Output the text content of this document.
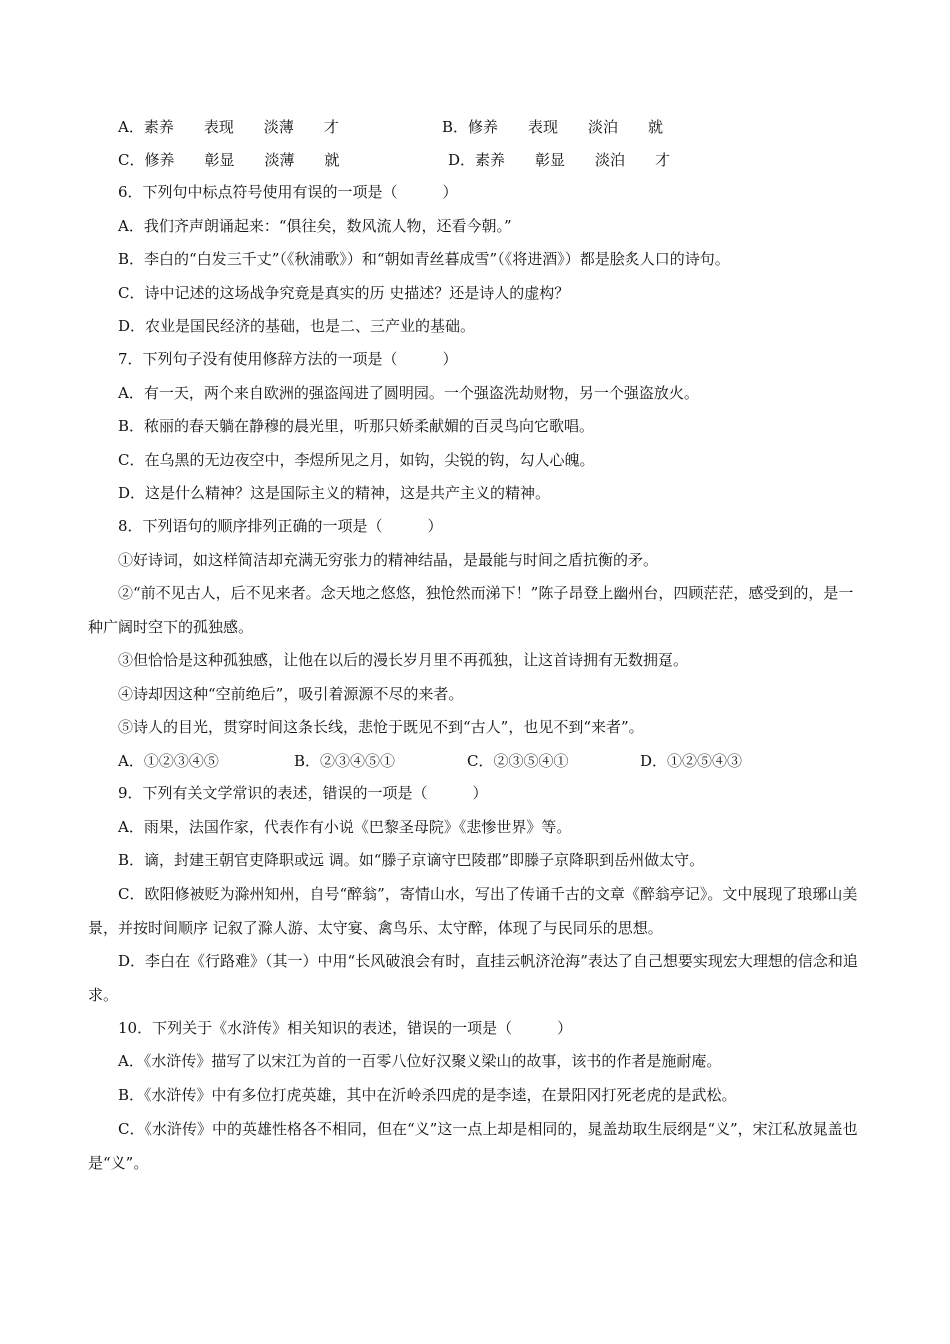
A．素养　　表现　　淡薄　　才	B．修养　　表现　　淡泊　　就
C．修养　　彰显　　淡薄　　就	D．素养　　彰显　　淡泊　　才
6．下列句中标点符号使用有误的一项是（　　　）
A．我们齐声朗诵起来：“俱往矣，数风流人物，还看今朝。”
B．李白的“白发三千丈”（《秋浦歌》）和“朝如青丝暮成雪”（《将进酒》）都是脍炙人口的诗句。
C．诗中记述的这场战争究竟是真实的历 史描述？还是诗人的虚构？
D．农业是国民经济的基础，也是二、三产业的基础。
7．下列句子没有使用修辞方法的一项是（　　　）
A．有一天，两个来自欧洲的强盗闯进了圆明园。一个强盗洗劫财物，另一个强盗放火。
B．秾丽的春天躺在静穆的晨光里，听那只娇柔献媚的百灵鸟向它歌唱。
C．在乌黑的无边夜空中，李煜所见之月，如钩，尖锐的钩，勾人心魄。
D．这是什么精神？这是国际主义的精神，这是共产主义的精神。
8．下列语句的顺序排列正确的一项是（　　　）
①好诗词，如这样简洁却充满无穷张力的精神结晶，是最能与时间之盾抗衡的矛。
②“前不见古人，后不见来者。念天地之悠悠，独怆然而涕下！”陈子昂登上幽州台，四顾茫茫，感受到的，是一种广阔时空下的孤独感。
③但恰恰是这种孤独感，让他在以后的漫长岁月里不再孤独，让这首诗拥有无数拥趸。
④诗却因这种“空前绝后”，吸引着源源不尽的来者。
⑤诗人的目光，贯穿时间这条长线，悲怆于既见不到“古人”，也见不到“来者”。
A．①②③④⑤	B．②③④⑤①	C．②③⑤④①	D．①②⑤④③
9．下列有关文学常识的表述，错误的一项是（　　　）
A．雨果，法国作家，代表作有小说《巴黎圣母院》《悲惨世界》等。
B．谪，封建王朝官吏降职或远 调。如“滕子京谪守巴陵郡”即滕子京降职到岳州做太守。
C．欧阳修被贬为滁州知州，自号“醉翁”，寄情山水，写出了传诵千古的文章《醉翁亭记》。文中展现了琅琊山美景，并按时间顺序 记叙了滁人游、太守宴、禽鸟乐、太守醉，体现了与民同乐的思想。
D．李白在《行路难》（其一）中用“长风破浪会有时，直挂云帆济沧海”表达了自己想要实现宏大理想的信念和追求。
10．下列关于《水浒传》相关知识的表述，错误的一项是（　　　）
A．《水浒传》描写了以宋江为首的一百零八位好汉聚义梁山的故事，该书的作者是施耐庵。
B．《水浒传》中有多位打虎英雄，其中在沂岭杀四虎的是李逵，在景阳冈打死老虎的是武松。
C．《水浒传》中的英雄性格各不相同，但在“义”这一点上却是相同的，晁盖劫取生辰纲是“义”，宋江私放晁盖也是“义”。
